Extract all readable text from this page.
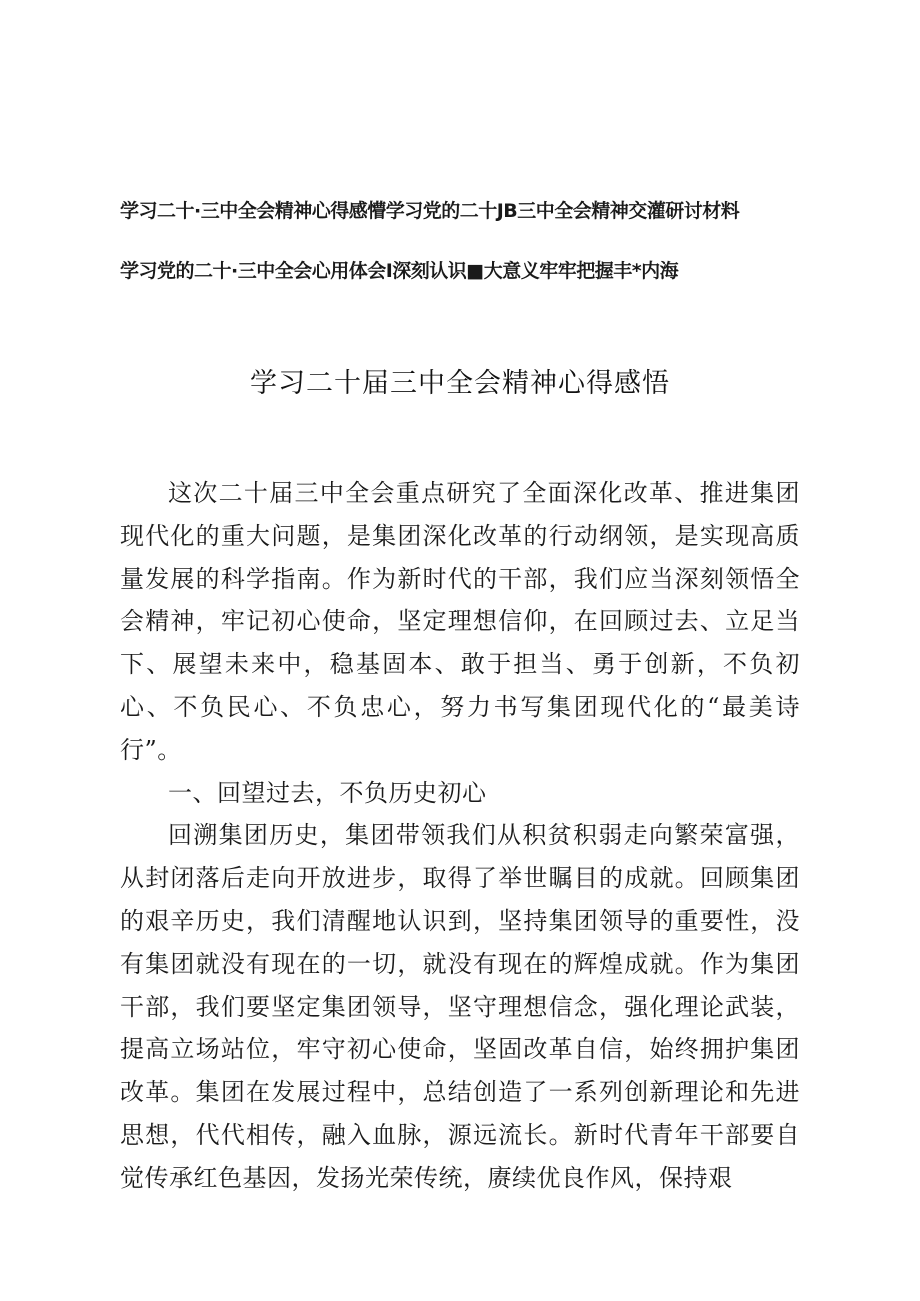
学习二十·三中全会精神心得感懵学习党的二十JB三中全会精神交灌研讨材料
学习党的二十·三中全会心用体会I深刻认识■大意义牢牢把握丰*内海
学习二十届三中全会精神心得感悟

这次二十届三中全会重点研究了全面深化改革、推进集团现代化的重大问题，是集团深化改革的行动纲领，是实现高质量发展的科学指南。作为新时代的干部，我们应当深刻领悟全会精神，牢记初心使命，坚定理想信仰，在回顾过去、立足当下、展望未来中，稳基固本、敢于担当、勇于创新，不负初心、不负民心、不负忠心，努力书写集团现代化的“最美诗行”。

一、回望过去，不负历史初心

回溯集团历史，集团带领我们从积贫积弱走向繁荣富强，从封闭落后走向开放进步，取得了举世瞩目的成就。回顾集团的艰辛历史，我们清醒地认识到，坚持集团领导的重要性，没有集团就没有现在的一切，就没有现在的辉煌成就。作为集团干部，我们要坚定集团领导，坚守理想信念，强化理论武装，提高立场站位，牢守初心使命，坚固改革自信，始终拥护集团改革。集团在发展过程中，总结创造了一系列创新理论和先进思想，代代相传，融入血脉，源远流长。新时代青年干部要自觉传承红色基因，发扬光荣传统，赓续优良作风，保持艰
